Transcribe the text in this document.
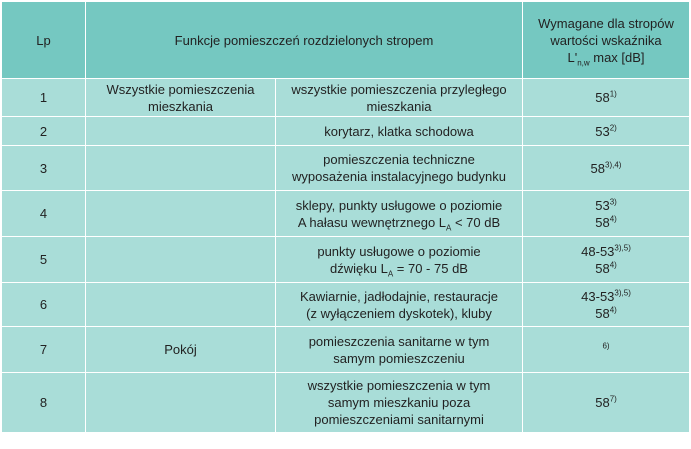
Lp	Funkcje pomieszczeń rozdzielonych stropem		Wymagane dla stropów
wartości wskaźnika
$L'_{n,w}$ max [dB]

1	Wszystkie pomieszczenia mieszkania	wszystkie pomieszczenia przyległego
mieszkania	58$^{1)}$

2		korytarz, klatka schodowa	53$^{2)}$

3		pomieszczenia techniczne
wyposażenia instalacyjnego budynku	$58^{3),4)}$

4		sklepy, punkty usługowe o poziomie
A hałasu wewnętrznego $L_A < 70$ dB	53$^{3)}$
58$^{4)}$

5		punkty usługowe o poziomie
dźwięku $L_A = 70 - 75$ dB	$48-53^{3),5)}$
58$^{4)}$

6		Kawiarnie, jadłodajnie, restauracje
(z wyłączeniem dyskotek), kluby	$43-53^{3),5)}$
58$^{4)}$

7	Pokój	pomieszczenia sanitarne w tym
samym pomieszczeniu	$^{6)}$

8		wszystkie pomieszczenia w tym
samym mieszkaniu poza
pomieszczeniami sanitarnymi	58$^{7)}$
